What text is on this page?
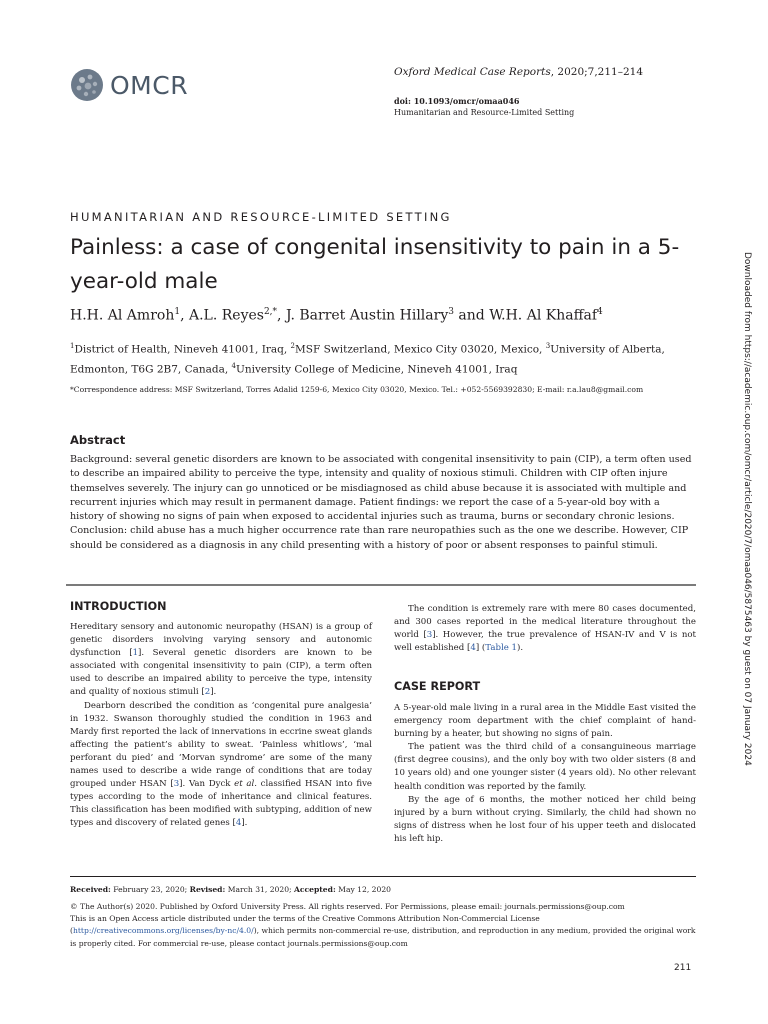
OMCR	Oxford Medical Case Reports, 2020;7,211–214
doi: 10.1093/omcr/omaa046
Humanitarian and Resource-Limited Setting
HUMANITARIAN AND RESOURCE-LIMITED SETTING
Painless: a case of congenital insensitivity to pain in a 5-year-old male
H.H. Al Amroh$^1$, A.L. Reyes$^{2,*}$, J. Barret Austin Hillary$^3$ and W.H. Al Khaffaf$^4$
$^1$District of Health, Nineveh 41001, Iraq, $^2$MSF Switzerland, Mexico City 03020, Mexico, $^3$University of Alberta, Edmonton, T6G 2B7, Canada, $^4$University College of Medicine, Nineveh 41001, Iraq
*Correspondence address: MSF Switzerland, Torres Adalid 1259-6, Mexico City 03020, Mexico. Tel.: +052-5569392830; E-mail: r.a.lau8@gmail.com
Abstract
Background: several genetic disorders are known to be associated with congenital insensitivity to pain (CIP), a term often used to describe an impaired ability to perceive the type, intensity and quality of noxious stimuli. Children with CIP often injure themselves severely. The injury can go unnoticed or be misdiagnosed as child abuse because it is associated with multiple and recurrent injuries which may result in permanent damage. Patient findings: we report the case of a 5-year-old boy with a history of showing no signs of pain when exposed to accidental injuries such as trauma, burns or secondary chronic lesions. Conclusion: child abuse has a much higher occurrence rate than rare neuropathies such as the one we describe. However, CIP should be considered as a diagnosis in any child presenting with a history of poor or absent responses to painful stimuli.
INTRODUCTION

Hereditary sensory and autonomic neuropathy (HSAN) is a group of genetic disorders involving varying sensory and autonomic dysfunction [1]. Several genetic disorders are known to be associated with congenital insensitivity to pain (CIP), a term often used to describe an impaired ability to perceive the type, intensity and quality of noxious stimuli [2].

Dearborn described the condition as ‘congenital pure analgesia’ in 1932. Swanson thoroughly studied the condition in 1963 and Mardy first reported the lack of innervations in eccrine sweat glands affecting the patient’s ability to sweat. ‘Painless whitlows’, ‘mal perforant du pied’ and ‘Morvan syndrome’ are some of the many names used to describe a wide range of conditions that are today grouped under HSAN [3]. Van Dyck et al. classified HSAN into five types according to the mode of inheritance and clinical features. This classification has been modified with subtyping, addition of new types and discovery of related genes [4].

The condition is extremely rare with mere 80 cases documented, and 300 cases reported in the medical literature throughout the world [3]. However, the true prevalence of HSAN-IV and V is not well established [4] (Table 1).

CASE REPORT

A 5-year-old male living in a rural area in the Middle East visited the emergency room department with the chief complaint of hand-burning by a heater, but showing no signs of pain.

The patient was the third child of a consanguineous marriage (first degree cousins), and the only boy with two older sisters (8 and 10 years old) and one younger sister (4 years old). No other relevant health condition was reported by the family.

By the age of 6 months, the mother noticed her child being injured by a burn without crying. Similarly, the child had shown no signs of distress when he lost four of his upper teeth and dislocated his left hip.

Received: February 23, 2020; Revised: March 31, 2020; Accepted: May 12, 2020
© The Author(s) 2020. Published by Oxford University Press. All rights reserved. For Permissions, please email: journals.permissions@oup.com
This is an Open Access article distributed under the terms of the Creative Commons Attribution Non-Commercial License (http://creativecommons.org/licenses/by-nc/4.0/), which permits non-commercial re-use, distribution, and reproduction in any medium, provided the original work is properly cited. For commercial re-use, please contact journals.permissions@oup.com
211
Downloaded from https://academic.oup.com/omcr/article/2020/7/omaa046/5875463 by guest on 07 January 2024
